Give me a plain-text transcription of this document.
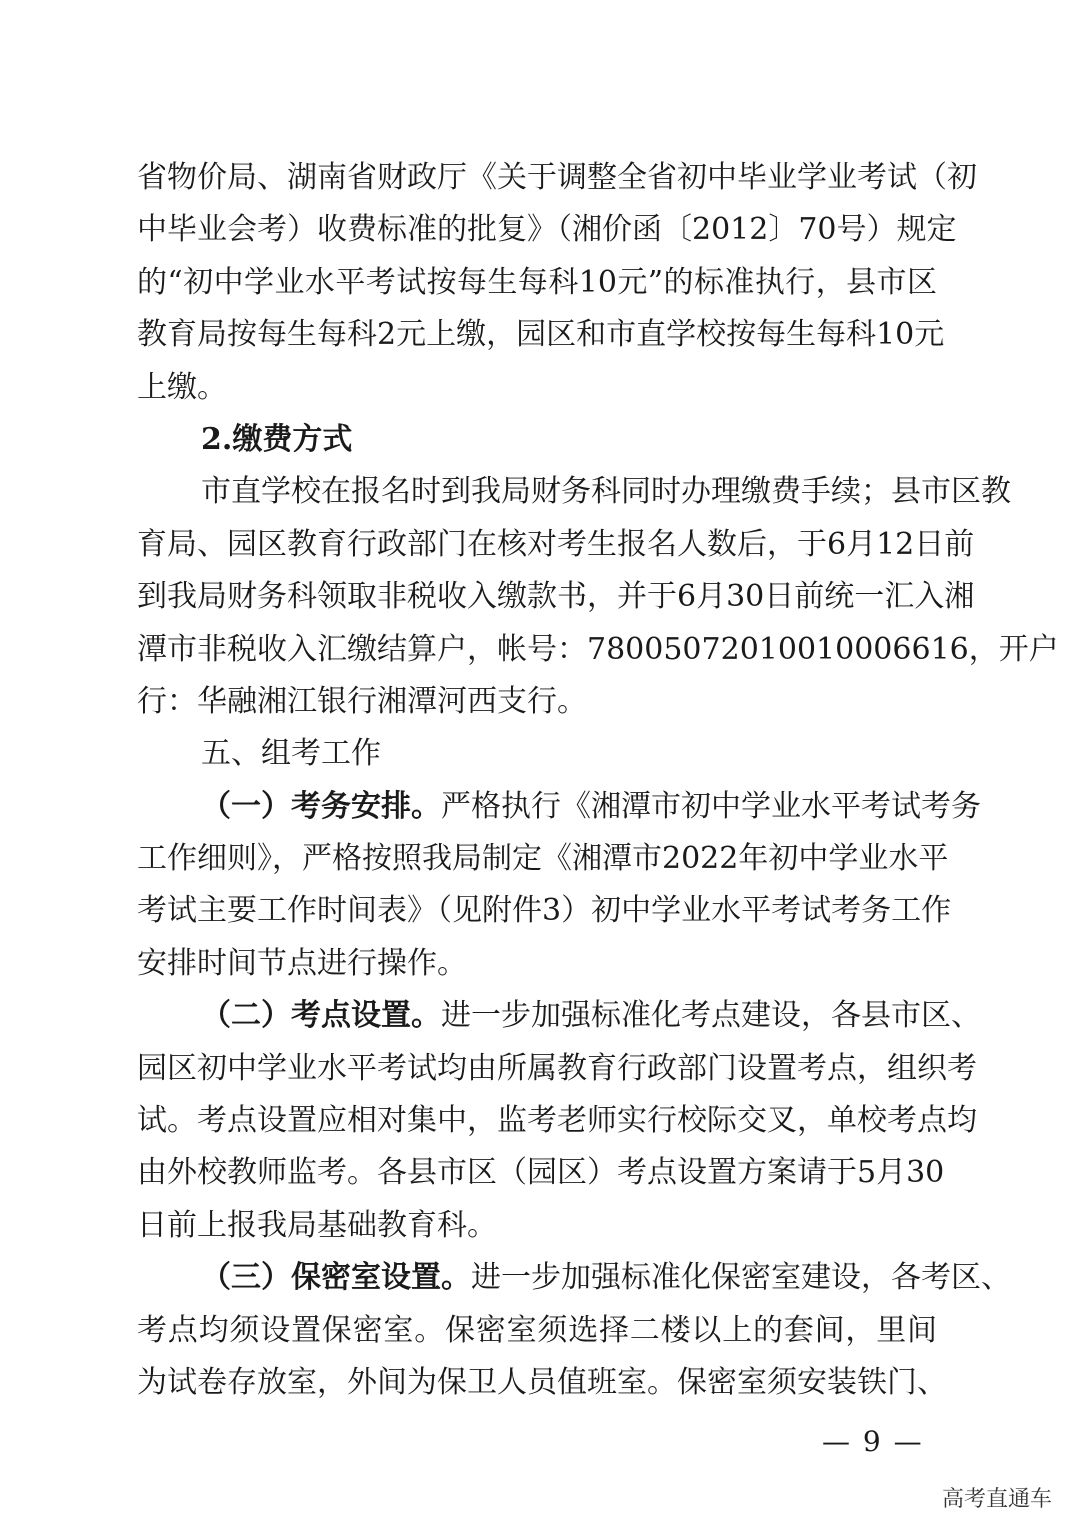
省物价局、湖南省财政厅《关于调整全省初中毕业学业考试（初
中毕业会考）收费标准的批复》（湘价函〔2012〕70号）规定
的“初中学业水平考试按每生每科10元”的标准执行，县市区
教育局按每生每科2元上缴，园区和市直学校按每生每科10元
上缴。
2.缴费方式
市直学校在报名时到我局财务科同时办理缴费手续；县市区教
育局、园区教育行政部门在核对考生报名人数后，于6月12日前
到我局财务科领取非税收入缴款书，并于6月30日前统一汇入湘
潭市非税收入汇缴结算户，帐号：78005072010010006616，开户
行：华融湘江银行湘潭河西支行。
五、组考工作
（一）考务安排。严格执行《湘潭市初中学业水平考试考务
工作细则》，严格按照我局制定《湘潭市2022年初中学业水平
考试主要工作时间表》（见附件3）初中学业水平考试考务工作
安排时间节点进行操作。
（二）考点设置。进一步加强标准化考点建设，各县市区、
园区初中学业水平考试均由所属教育行政部门设置考点，组织考
试。考点设置应相对集中，监考老师实行校际交叉，单校考点均
由外校教师监考。各县市区（园区）考点设置方案请于5月30
日前上报我局基础教育科。
（三）保密室设置。进一步加强标准化保密室建设，各考区、
考点均须设置保密室。保密室须选择二楼以上的套间，里间
为试卷存放室，外间为保卫人员值班室。保密室须安装铁门、
— 9 —
高考直通车
